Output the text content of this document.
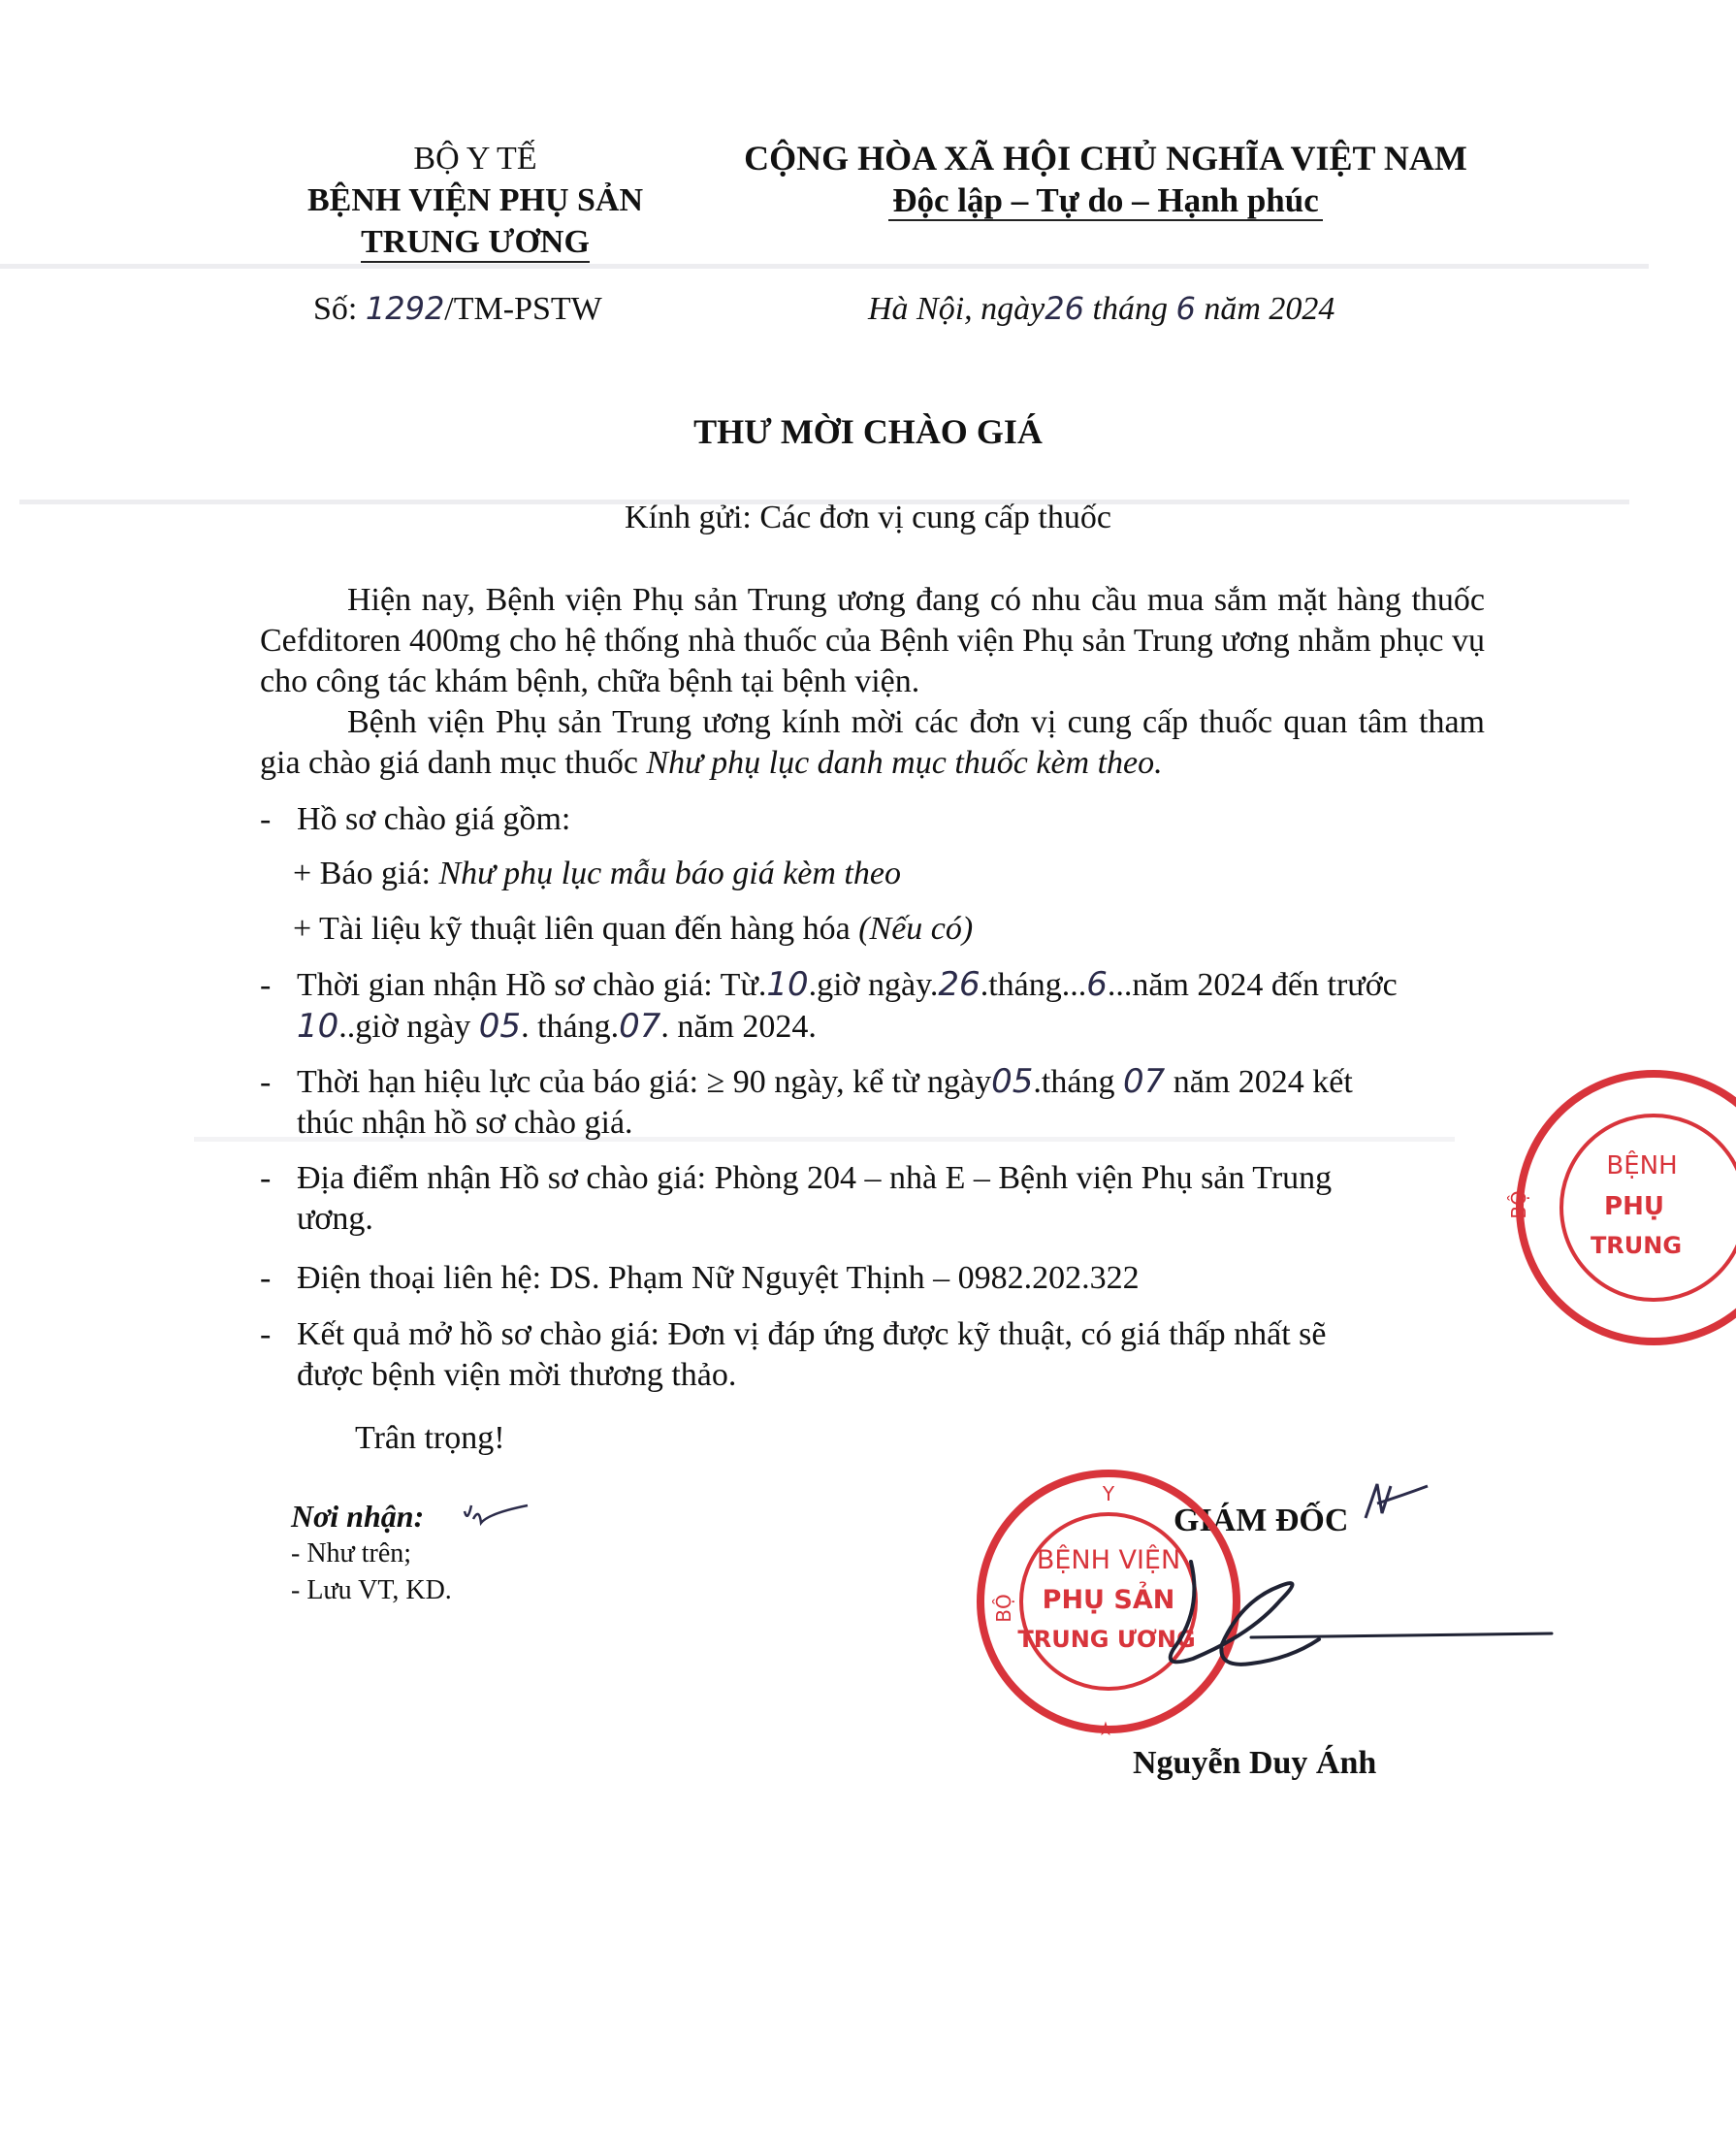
BỘ Y TẾ
BỆNH VIỆN PHỤ SẢN
TRUNG ƯƠNG
Số: 1292/TM-PSTW
CỘNG HÒA XÃ HỘI CHỦ NGHĨA VIỆT NAM
Độc lập – Tự do – Hạnh phúc
Hà Nội, ngày26 tháng 6 năm 2024
THƯ MỜI CHÀO GIÁ
Kính gửi: Các đơn vị cung cấp thuốc
Hiện nay, Bệnh viện Phụ sản Trung ương đang có nhu cầu mua sắm mặt hàng thuốc Cefditoren 400mg cho hệ thống nhà thuốc của Bệnh viện Phụ sản Trung ương nhằm phục vụ cho công tác khám bệnh, chữa bệnh tại bệnh viện.
Bệnh viện Phụ sản Trung ương kính mời các đơn vị cung cấp thuốc quan tâm tham gia chào giá danh mục thuốc Như phụ lục danh mục thuốc kèm theo.
- Hồ sơ chào giá gồm:
+ Báo giá: Như phụ lục mẫu báo giá kèm theo
+ Tài liệu kỹ thuật liên quan đến hàng hóa (Nếu có)
- Thời gian nhận Hồ sơ chào giá: Từ.10.giờ ngày.26.tháng...6...năm 2024 đến trước
10..giờ ngày 05. tháng.07. năm 2024.
- Thời hạn hiệu lực của báo giá: ≥ 90 ngày, kể từ ngày05.tháng 07 năm 2024 kết
thúc nhận hồ sơ chào giá.
- Địa điểm nhận Hồ sơ chào giá: Phòng 204 – nhà E – Bệnh viện Phụ sản Trung
ương.
- Điện thoại liên hệ: DS. Phạm Nữ Nguyệt Thịnh – 0982.202.322
- Kết quả mở hồ sơ chào giá: Đơn vị đáp ứng được kỹ thuật, có giá thấp nhất sẽ
được bệnh viện mời thương thảo.
Trân trọng!
Nơi nhận:
- Như trên;
- Lưu VT, KD.
GIÁM ĐỐC
Y
BỘ
BỆNH VIỆN
PHỤ SẢN
TRUNG ƯƠNG
★
Nguyễn Duy Ánh
BỘ
BỆNH
PHỤ
TRUNG
